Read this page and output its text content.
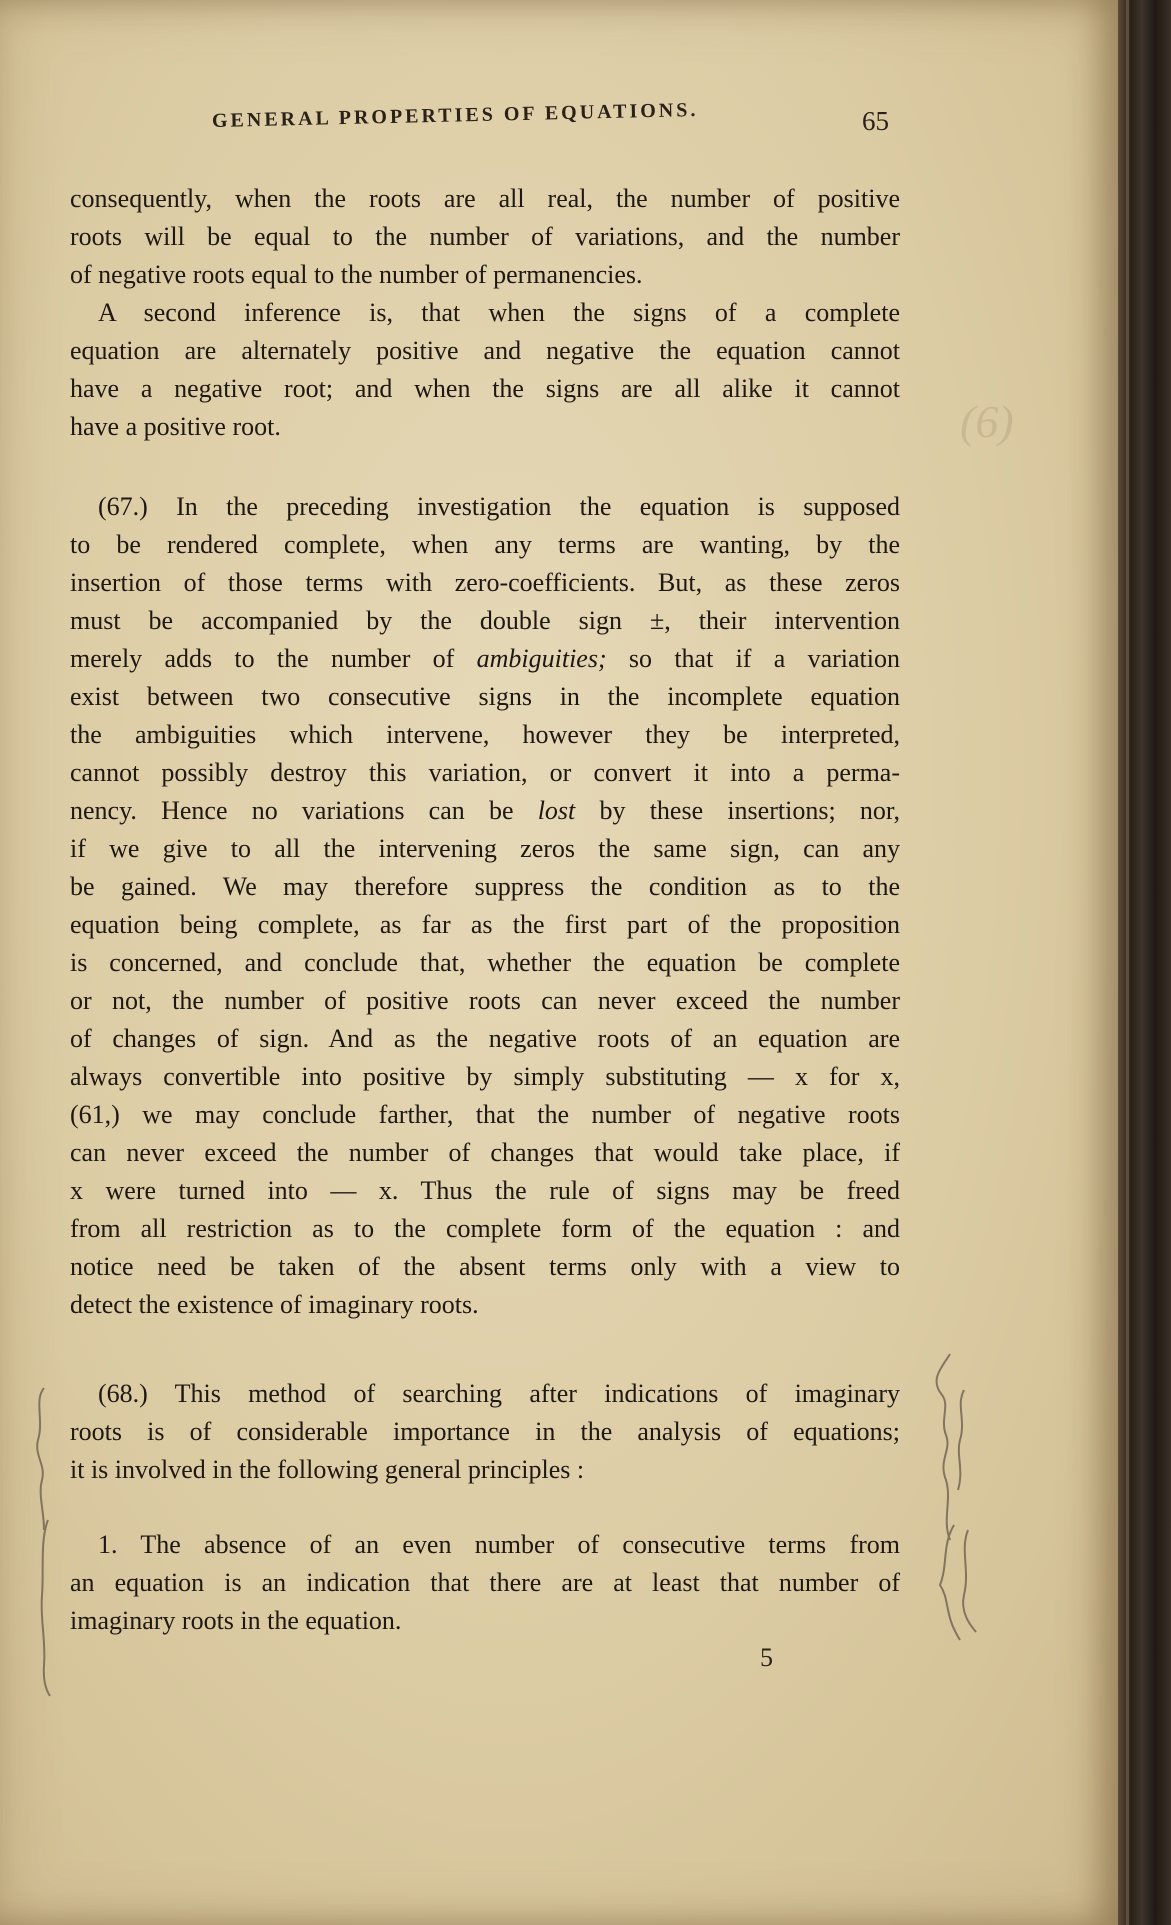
GENERAL PROPERTIES OF EQUATIONS.	65
consequently, when the roots are all real, the number of positive
roots will be equal to the number of variations, and the number
of negative roots equal to the number of permanencies.
A second inference is, that when the signs of a complete
equation are alternately positive and negative the equation cannot
have a negative root; and when the signs are all alike it cannot
have a positive root.
(67.) In the preceding investigation the equation is supposed
to be rendered complete, when any terms are wanting, by the
insertion of those terms with zero-coefficients. But, as these zeros
must be accompanied by the double sign ±, their intervention
merely adds to the number of ambiguities; so that if a variation
exist between two consecutive signs in the incomplete equation
the ambiguities which intervene, however they be interpreted,
cannot possibly destroy this variation, or convert it into a perma-
nency. Hence no variations can be lost by these insertions; nor,
if we give to all the intervening zeros the same sign, can any
be gained. We may therefore suppress the condition as to the
equation being complete, as far as the first part of the proposition
is concerned, and conclude that, whether the equation be complete
or not, the number of positive roots can never exceed the number
of changes of sign. And as the negative roots of an equation are
always convertible into positive by simply substituting — x for x,
(61,) we may conclude farther, that the number of negative roots
can never exceed the number of changes that would take place, if
x were turned into — x. Thus the rule of signs may be freed
from all restriction as to the complete form of the equation : and
notice need be taken of the absent terms only with a view to
detect the existence of imaginary roots.
(68.) This method of searching after indications of imaginary
roots is of considerable importance in the analysis of equations;
it is involved in the following general principles :
1. The absence of an even number of consecutive terms from
an equation is an indication that there are at least that number of
imaginary roots in the equation.
5
(6)
